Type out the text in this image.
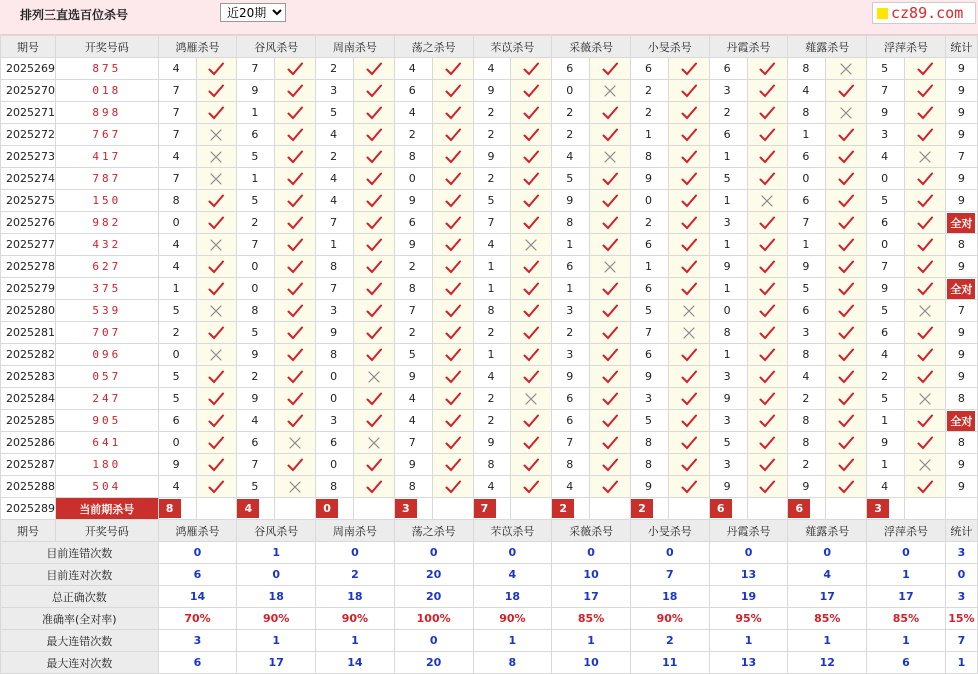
排列三直选百位杀号
近20期	cz89.com
期号	开奖号码	鸿雁杀号		谷风杀号		周南杀号		荡之杀号		芣苡杀号		采薇杀号		小旻杀号		丹霞杀号		薤露杀号		浮萍杀号		统计
2025269	875	4		7		2		4		4		6		6		6		8		5		9
2025270	018	7		9		3		6		9		0		2		3		4		7		9
2025271	898	7		1		5		4		2		2		2		2		8		9		9
2025272	767	7		6		4		2		2		2		1		6		1		3		9
2025273	417	4		5		2		8		9		4		8		1		6		4		7
2025274	787	7		1		4		0		2		5		9		5		0		0		9
2025275	150	8		5		4		9		5		9		0		1		6		5		9
2025276	982	0		2		7		6		7		8		2		3		7		6		全对
2025277	432	4		7		1		9		4		1		6		1		1		0		8
2025278	627	4		0		8		2		1		6		1		9		9		7		9
2025279	375	1		0		7		8		1		1		6		1		5		9		全对
2025280	539	5		8		3		7		8		3		5		0		6		5		7
2025281	707	2		5		9		2		2		2		7		8		3		6		9
2025282	096	0		9		8		5		1		3		6		1		8		4		9
2025283	057	5		2		0		9		4		9		9		3		4		2		9
2025284	247	5		9		0		4		2		6		3		9		2		5		8
2025285	905	6		4		3		4		2		6		5		3		8		1		全对
2025286	641	0		6		6		7		9		7		8		5		8		9		8
2025287	180	9		7		0		9		8		8		8		3		2		1		9
2025288	504	4		5		8		8		4		4		9		9		9		4		9
2025289	当前期杀号	8		4		0		3		7		2		2		6		6		3		
期号	开奖号码	鸿雁杀号		谷风杀号		周南杀号		荡之杀号		芣苡杀号		采薇杀号		小旻杀号		丹霞杀号		薤露杀号		浮萍杀号		统计
目前连错次数		0		1		0		0		0		0		0		0		0		0		3
目前连对次数		6		0		2		20		4		10		7		13		4		1		0
总正确次数		14		18		18		20		18		17		18		19		17		17		3
准确率(全对率)		70%		90%		90%		100%		90%		85%		90%		95%		85%		85%		15%
最大连错次数		3		1		1		0		1		1		2		1		1		1		7
最大连对次数		6		17		14		20		8		10		11		13		12		6		1
